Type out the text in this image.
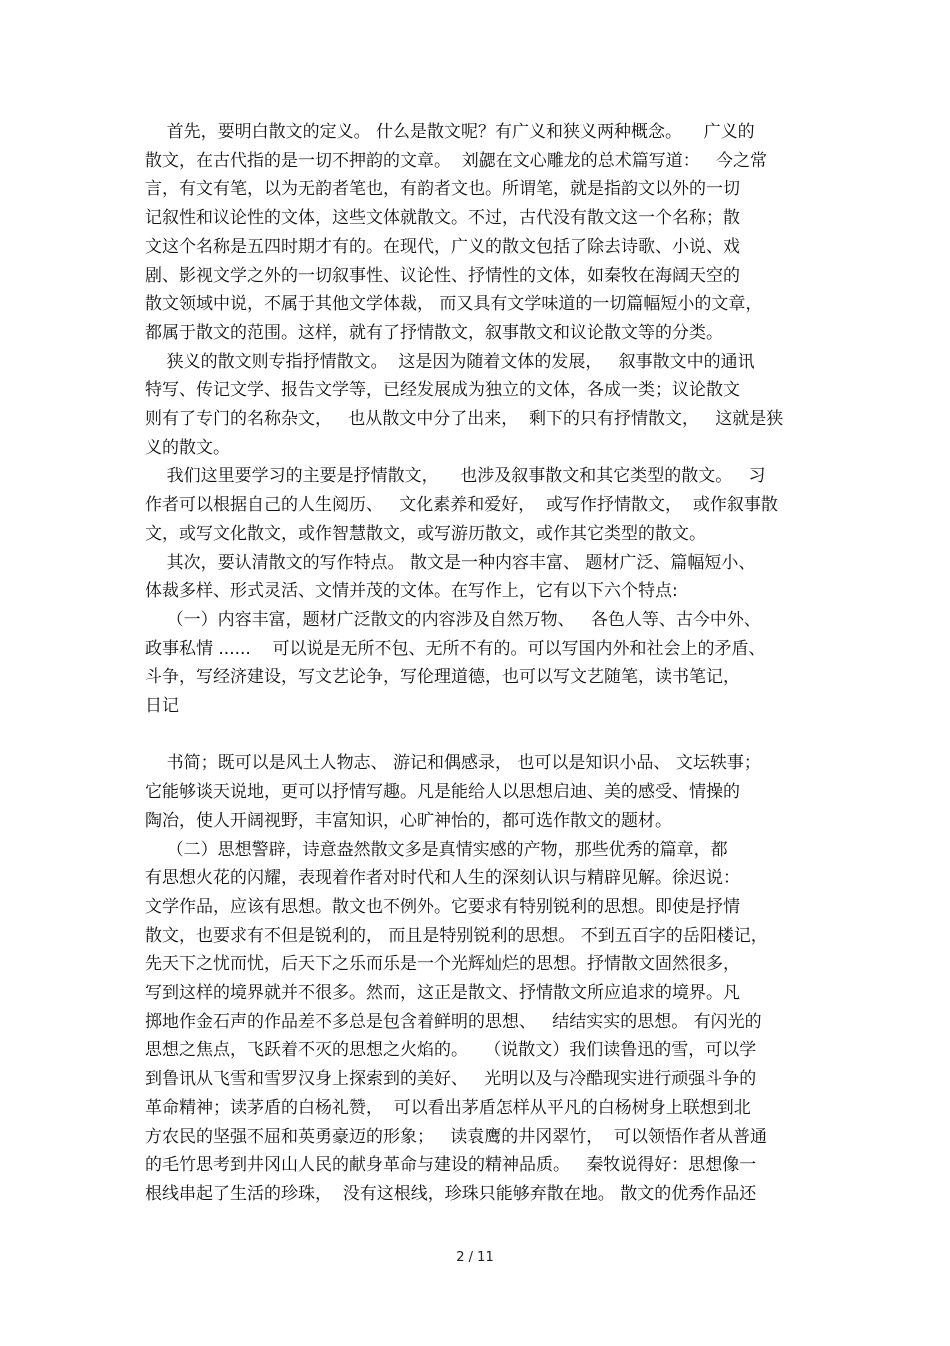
首先，要明白散文的定义。 什么是散文呢？有广义和狭义两种概念。    广义的

散文，在古代指的是一切不押韵的文章。  刘勰在文心雕龙的总术篇写道：   今之常

言，有文有笔，以为无韵者笔也，有韵者文也。所谓笔，就是指韵文以外的一切

记叙性和议论性的文体，这些文体就散文。不过，古代没有散文这一个名称；散

文这个名称是五四时期才有的。在现代，广义的散文包括了除去诗歌、小说、戏

剧、影视文学之外的一切叙事性、议论性、抒情性的文体，如秦牧在海阔天空的

散文领域中说，不属于其他文学体裁， 而又具有文学味道的一切篇幅短小的文章，

都属于散文的范围。这样，就有了抒情散文，叙事散文和议论散文等的分类。

狭义的散文则专指抒情散文。  这是因为随着文体的发展，   叙事散文中的通讯

特写、传记文学、报告文学等，已经发展成为独立的文体，各成一类；议论散文

则有了专门的名称杂文，   也从散文中分了出来，  剩下的只有抒情散文，   这就是狭

义的散文。

我们这里要学习的主要是抒情散文，    也涉及叙事散文和其它类型的散文。   习

作者可以根据自己的人生阅历、   文化素养和爱好，  或写作抒情散文，  或作叙事散

文，或写文化散文，或作智慧散文，或写游历散文，或作其它类型的散文。

其次，要认清散文的写作特点。 散文是一种内容丰富、 题材广泛、篇幅短小、

体裁多样、形式灵活、文情并茂的文体。在写作上，它有以下六个特点:

（一）内容丰富，题材广泛散文的内容涉及自然万物、   各色人等、古今中外、

政事私情 ......    可以说是无所不包、无所不有的。可以写国内外和社会上的矛盾、

斗争，写经济建设，写文艺论争，写伦理道德，也可以写文艺随笔，读书笔记，

日记

书简；既可以是风土人物志、 游记和偶感录， 也可以是知识小品、 文坛轶事；

它能够谈天说地，更可以抒情写趣。凡是能给人以思想启迪、美的感受、情操的

陶冶，使人开阔视野，丰富知识，心旷神怡的，都可选作散文的题材。

（二）思想警辟，诗意盎然散文多是真情实感的产物，那些优秀的篇章，都

有思想火花的闪耀，表现着作者对时代和人生的深刻认识与精辟见解。徐迟说：

文学作品，应该有思想。散文也不例外。它要求有特别锐利的思想。即使是抒情

散文，也要求有不但是锐利的， 而且是特别锐利的思想。 不到五百字的岳阳楼记，

先天下之忧而忧，后天下之乐而乐是一个光辉灿烂的思想。抒情散文固然很多，

写到这样的境界就并不很多。然而，这正是散文、抒情散文所应追求的境界。凡

掷地作金石声的作品差不多总是包含着鲜明的思想、   结结实实的思想。 有闪光的

思想之焦点，飞跃着不灭的思想之火焰的。   （说散文）我们读鲁迅的雪，可以学

到鲁讯从飞雪和雪罗汉身上探索到的美好、   光明以及与冷酷现实进行顽强斗争的

革命精神；读茅盾的白杨礼赞，  可以看出茅盾怎样从平凡的白杨树身上联想到北

方农民的坚强不屈和英勇豪迈的形象；   读袁鹰的井冈翠竹，  可以领悟作者从普通

的毛竹思考到井冈山人民的献身革命与建设的精神品质。   秦牧说得好：思想像一

根线串起了生活的珍珠，  没有这根线，珍珠只能够弃散在地。 散文的优秀作品还

2 / 11
